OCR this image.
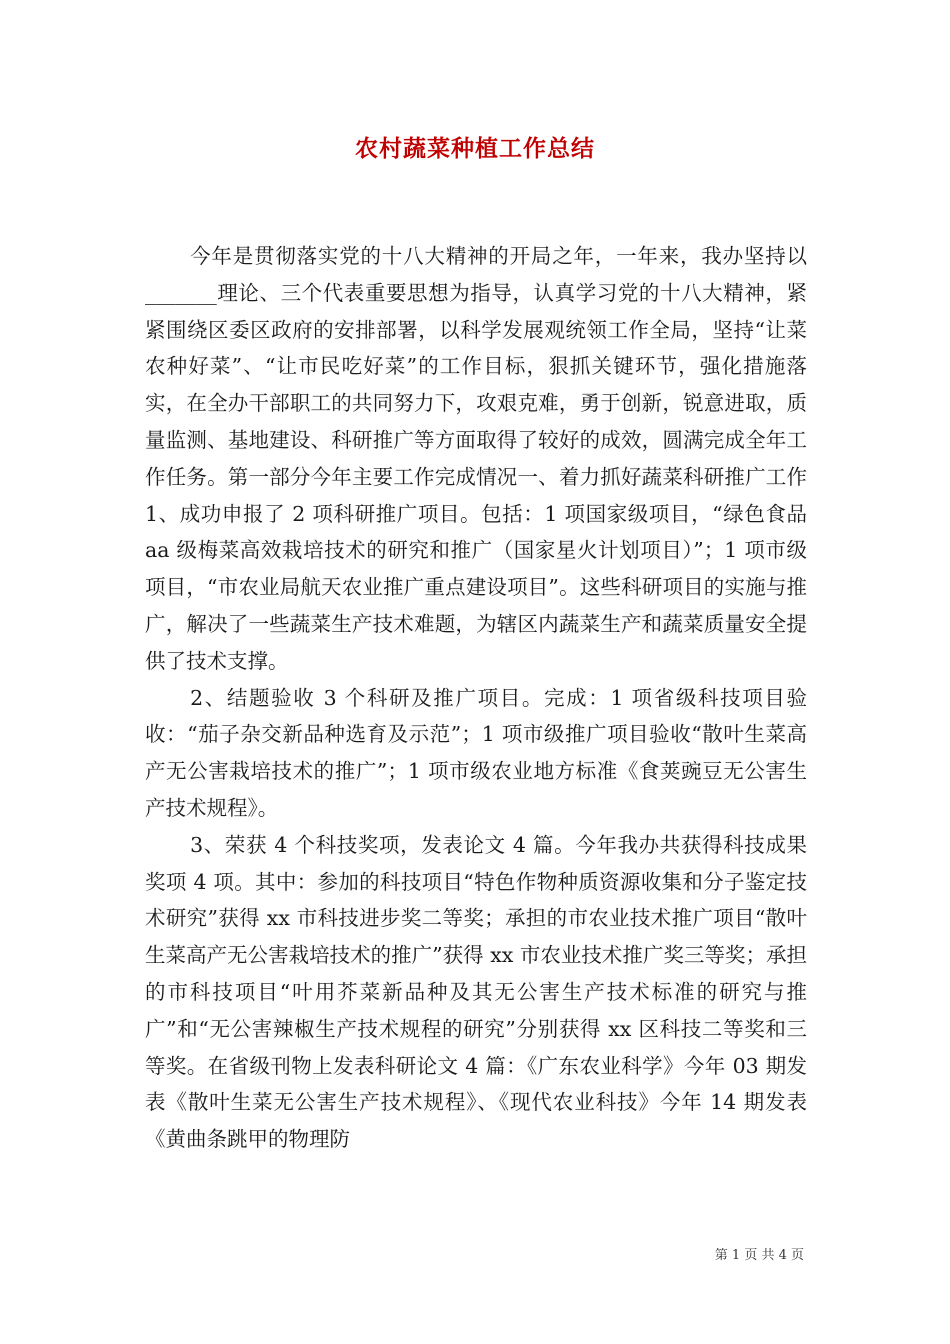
农村蔬菜种植工作总结

今年是贯彻落实党的十八大精神的开局之年，一年来，我办坚持以_______理论、三个代表重要思想为指导，认真学习党的十八大精神，紧紧围绕区委区政府的安排部署，以科学发展观统领工作全局，坚持“让菜农种好菜”、“让市民吃好菜”的工作目标，狠抓关键环节，强化措施落实，在全办干部职工的共同努力下，攻艰克难，勇于创新，锐意进取，质量监测、基地建设、科研推广等方面取得了较好的成效，圆满完成全年工作任务。第一部分今年主要工作完成情况一、着力抓好蔬菜科研推广工作 1、成功申报了 2 项科研推广项目。包括：1 项国家级项目，“绿色食品 aa 级梅菜高效栽培技术的研究和推广（国家星火计划项目）”；1 项市级项目，“市农业局航天农业推广重点建设项目”。这些科研项目的实施与推广，解决了一些蔬菜生产技术难题，为辖区内蔬菜生产和蔬菜质量安全提供了技术支撑。

2、结题验收 3 个科研及推广项目。完成：1 项省级科技项目验收：“茄子杂交新品种选育及示范”；1 项市级推广项目验收“散叶生菜高产无公害栽培技术的推广”；1 项市级农业地方标准《食荚豌豆无公害生产技术规程》。

3、荣获 4 个科技奖项，发表论文 4 篇。今年我办共获得科技成果奖项 4 项。其中：参加的科技项目“特色作物种质资源收集和分子鉴定技术研究”获得 xx 市科技进步奖二等奖；承担的市农业技术推广项目“散叶生菜高产无公害栽培技术的推广”获得 xx 市农业技术推广奖三等奖；承担的市科技项目“叶用芥菜新品种及其无公害生产技术标准的研究与推广”和“无公害辣椒生产技术规程的研究”分别获得 xx 区科技二等奖和三等奖。在省级刊物上发表科研论文 4 篇：《广东农业科学》今年 03 期发表《散叶生菜无公害生产技术规程》、《现代农业科技》今年 14 期发表《黄曲条跳甲的物理防

第 1 页 共 4 页
